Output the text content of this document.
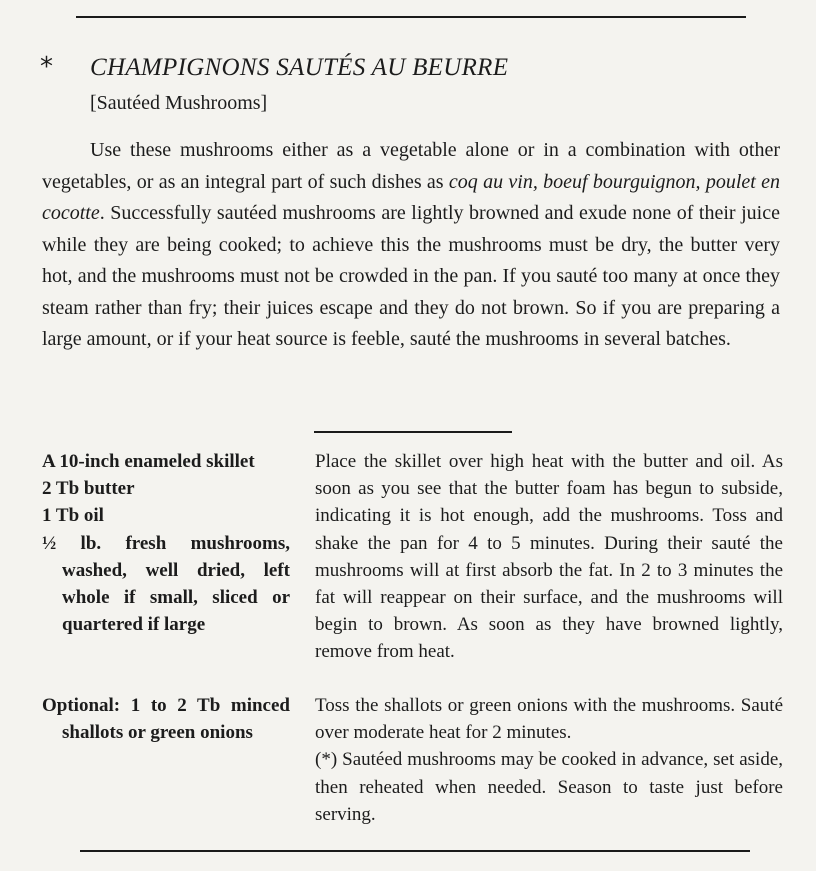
*	CHAMPIGNONS SAUTÉS AU BEURRE
[Sautéed Mushrooms]

Use these mushrooms either as a vegetable alone or in a combination with other vegetables, or as an integral part of such dishes as coq au vin, boeuf bourguignon, poulet en cocotte. Successfully sautéed mushrooms are lightly browned and exude none of their juice while they are being cooked; to achieve this the mushrooms must be dry, the butter very hot, and the mushrooms must not be crowded in the pan. If you sauté too many at once they steam rather than fry; their juices escape and they do not brown. So if you are preparing a large amount, or if your heat source is feeble, sauté the mushrooms in several batches.

A 10-inch enameled skillet
2 Tb butter
1 Tb oil
½ lb. fresh mushrooms, washed, well dried, left whole if small, sliced or quartered if large

Place the skillet over high heat with the butter and oil. As soon as you see that the butter foam has begun to subside, indicating it is hot enough, add the mushrooms. Toss and shake the pan for 4 to 5 minutes. During their sauté the mushrooms will at first absorb the fat. In 2 to 3 minutes the fat will reappear on their surface, and the mushrooms will begin to brown. As soon as they have browned lightly, remove from heat.

Optional: 1 to 2 Tb minced shallots or green onions

Toss the shallots or green onions with the mushrooms. Sauté over moderate heat for 2 minutes.

(*) Sautéed mushrooms may be cooked in advance, set aside, then reheated when needed. Season to taste just before serving.
